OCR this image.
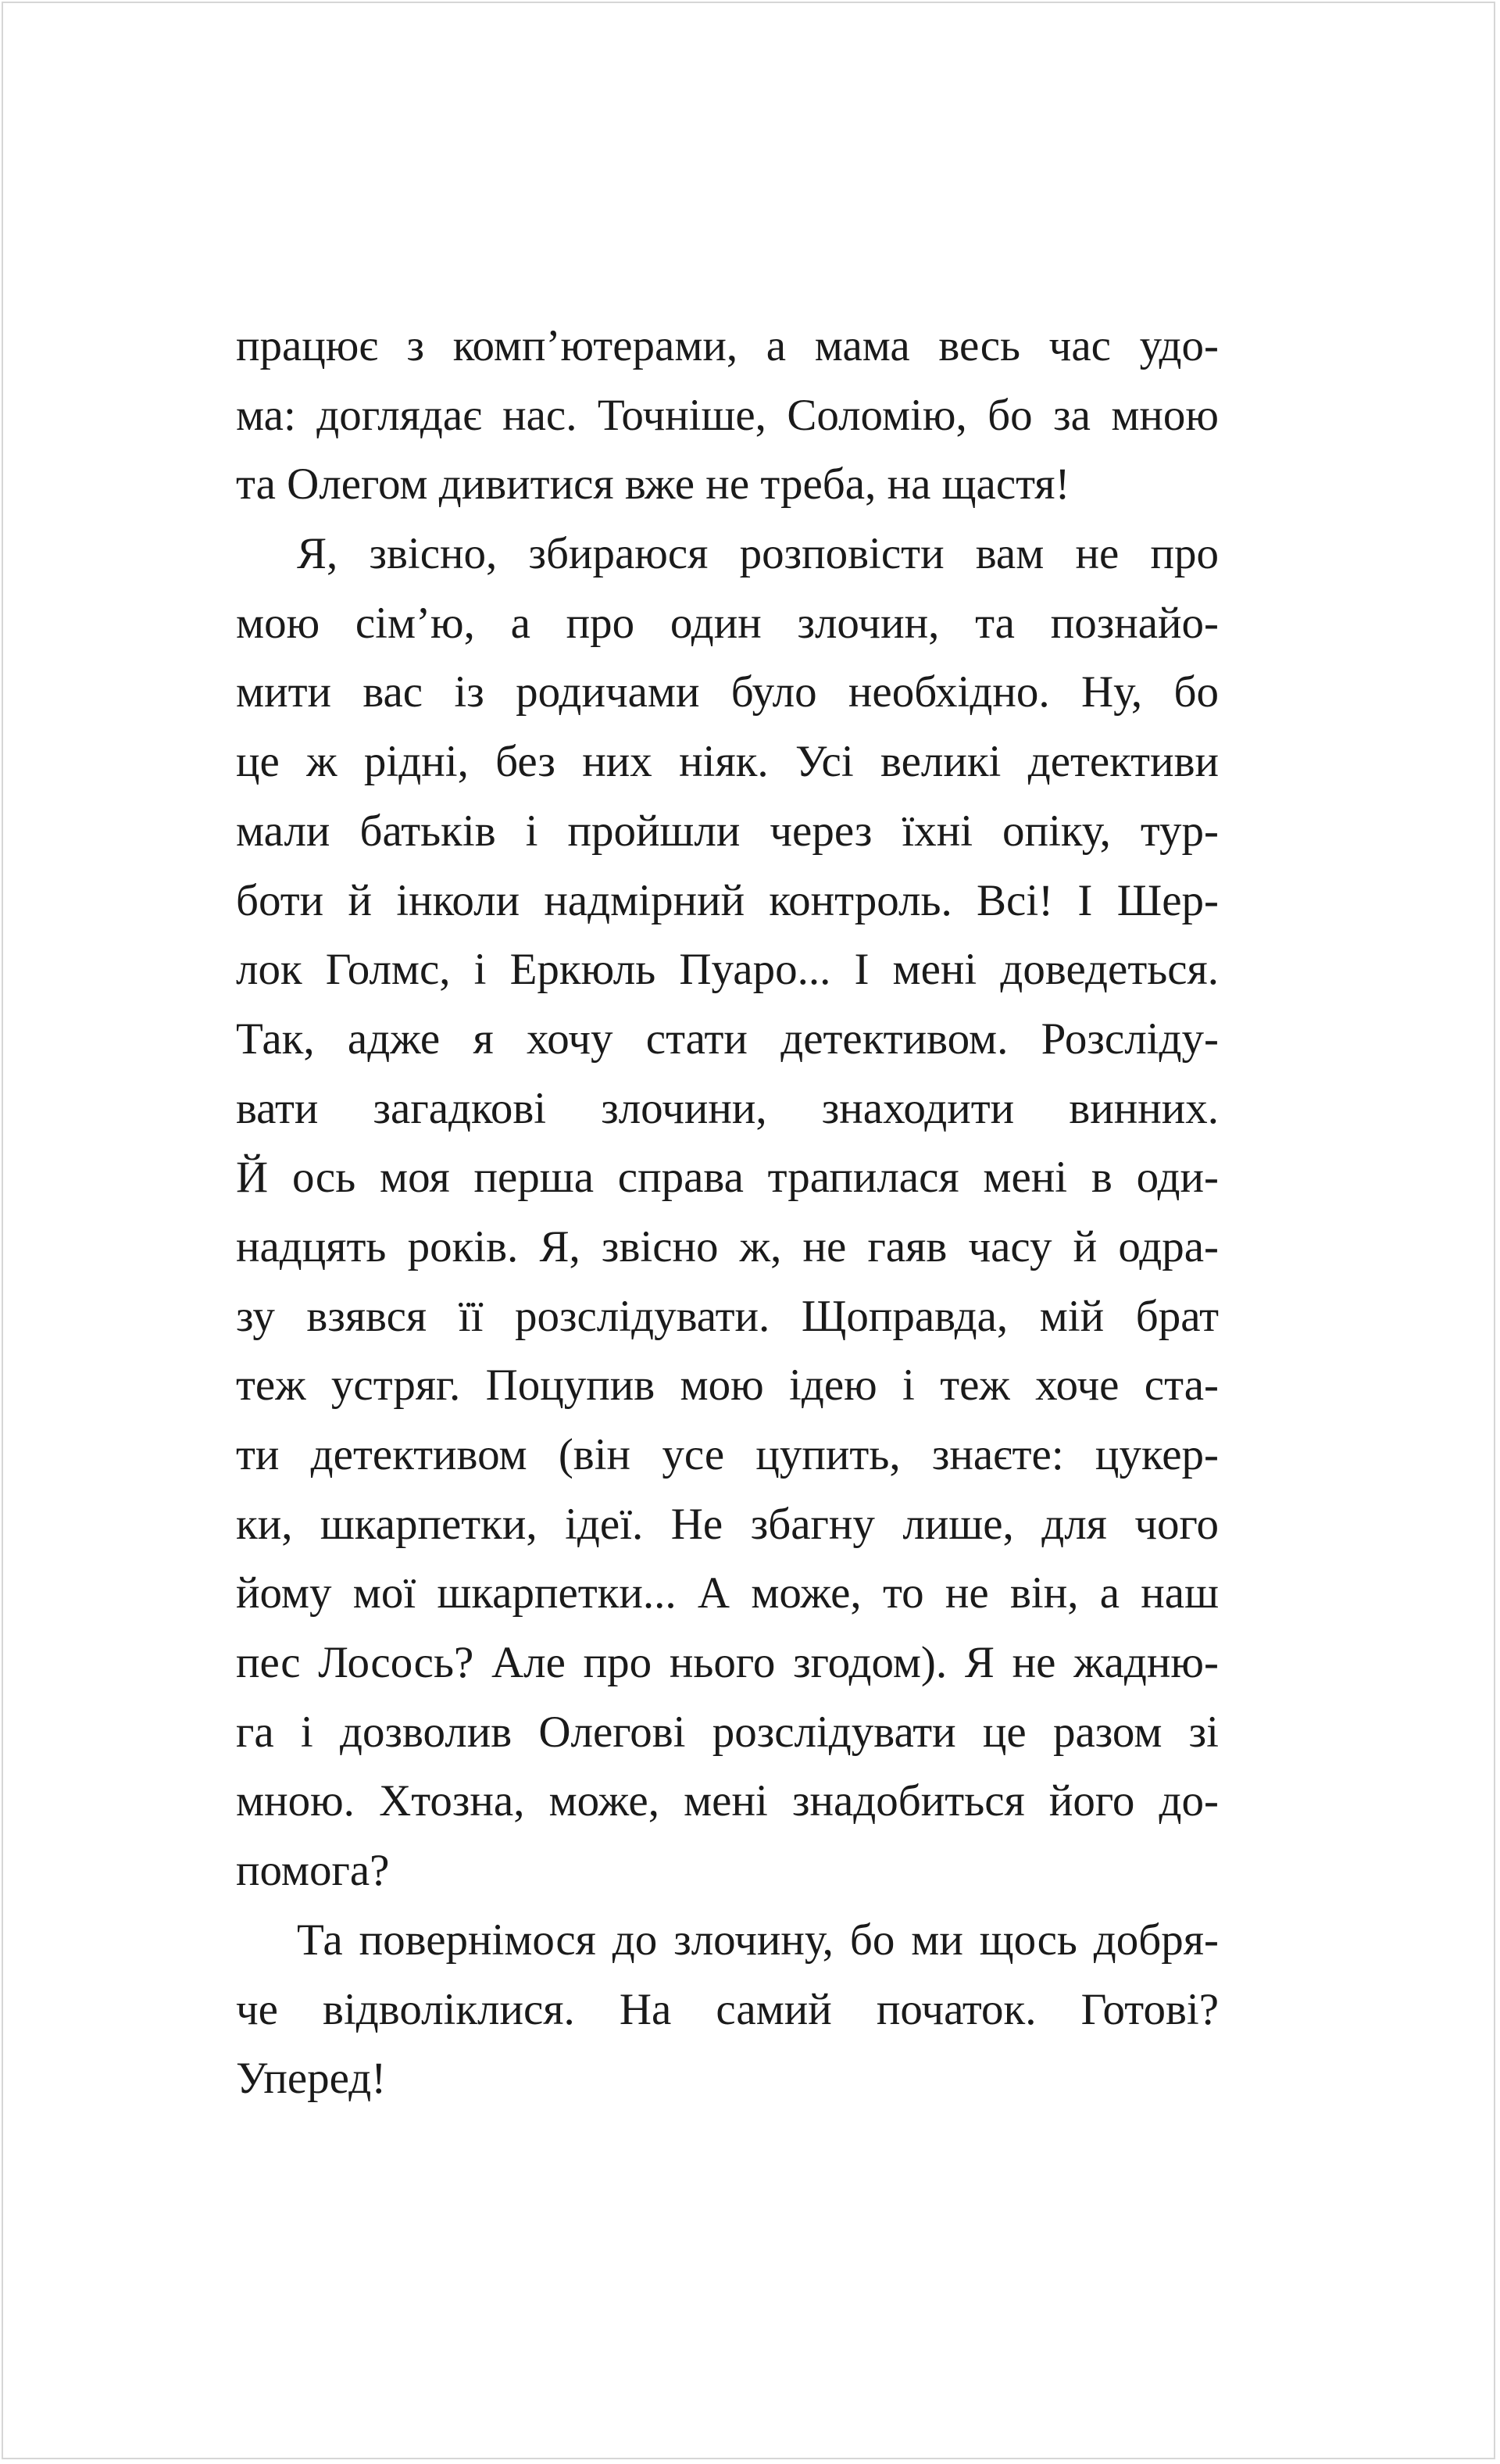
працює з комп’ютерами, а мама весь час удо-
ма: доглядає нас. Точніше, Соломію, бо за мною
та Олегом дивитися вже не треба, на щастя!
Я, звісно, збираюся розповісти вам не про
мою сім’ю, а про один злочин, та познайо-
мити вас із родичами було необхідно. Ну, бо
це ж рідні, без них ніяк. Усі великі детективи
мали батьків і пройшли через їхні опіку, тур-
боти й інколи надмірний контроль. Всі! І Шер-
лок Голмс, і Еркюль Пуаро... І мені доведеться.
Так, адже я хочу стати детективом. Розсліду-
вати загадкові злочини, знаходити винних.
Й ось моя перша справа трапилася мені в оди-
надцять років. Я, звісно ж, не гаяв часу й одра-
зу взявся її розслідувати. Щоправда, мій брат
теж устряг. Поцупив мою ідею і теж хоче ста-
ти детективом (він усе цупить, знаєте: цукер-
ки, шкарпетки, ідеї. Не збагну лише, для чого
йому мої шкарпетки... А може, то не він, а наш
пес Лосось? Але про нього згодом). Я не жадню-
га і дозволив Олегові розслідувати це разом зі
мною. Хтозна, може, мені знадобиться його до-
помога?
Та повернімося до злочину, бо ми щось добря-
че відволіклися. На самий початок. Готові?
Уперед!
